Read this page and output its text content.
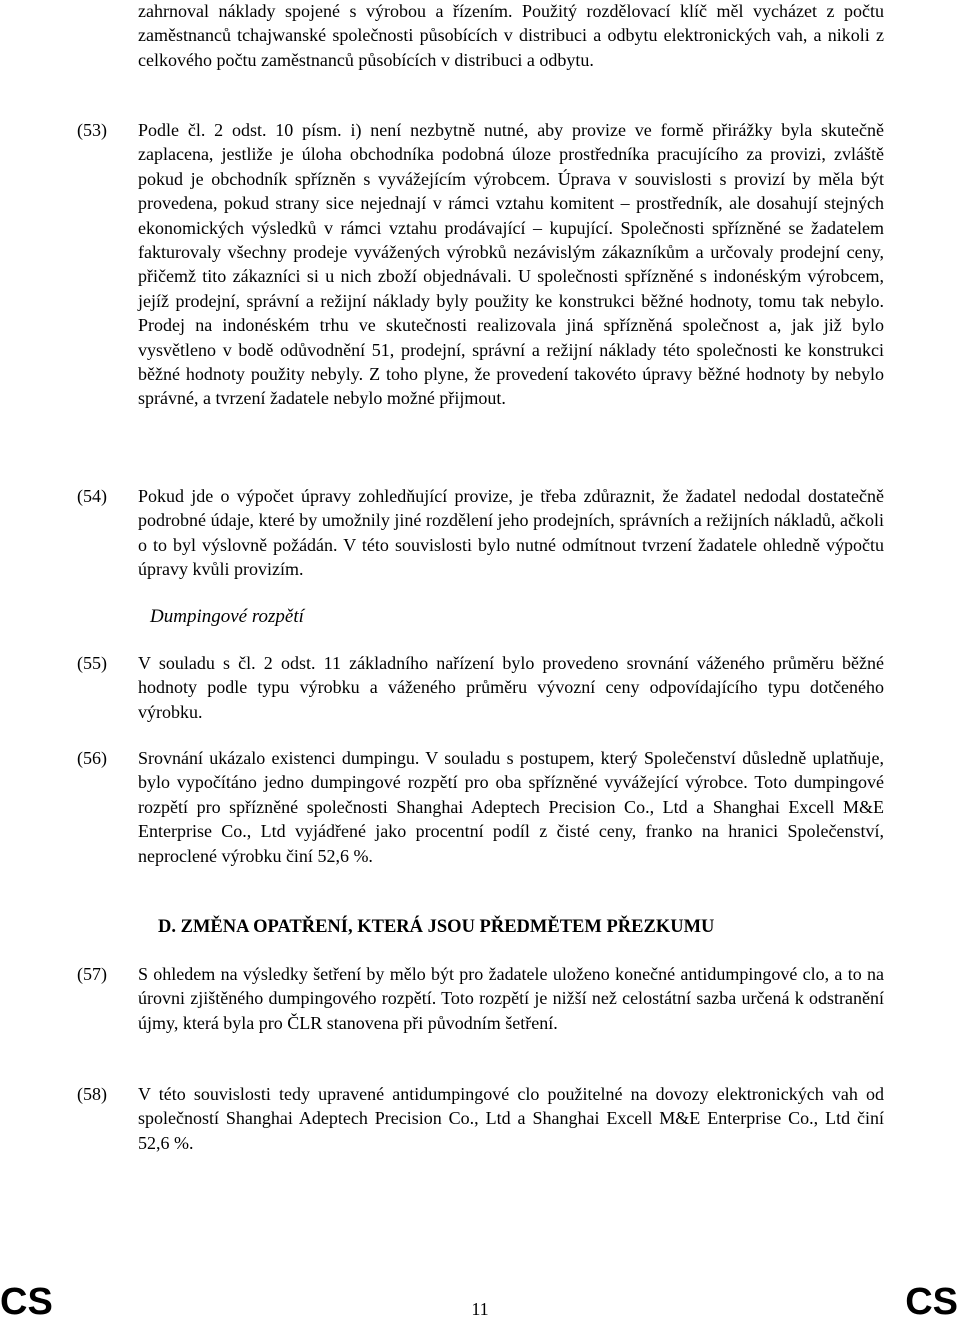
zahrnoval náklady spojené s výrobou a řízením. Použitý rozdělovací klíč měl vycházet z počtu zaměstnanců tchajwanské společnosti působících v distribuci a odbytu elektronických vah, a nikoli z celkového počtu zaměstnanců působících v distribuci a odbytu.
(53) Podle čl. 2 odst. 10 písm. i) není nezbytně nutné, aby provize ve formě přirážky byla skutečně zaplacena, jestliže je úloha obchodníka podobná úloze prostředníka pracujícího za provizi, zvláště pokud je obchodník spřízněn s vyvážejícím výrobcem. Úprava v souvislosti s provizí by měla být provedena, pokud strany sice nejednají v rámci vztahu komitent – prostředník, ale dosahují stejných ekonomických výsledků v rámci vztahu prodávající – kupující. Společnosti spřízněné se žadatelem fakturovaly všechny prodeje vyvážených výrobků nezávislým zákazníkům a určovaly prodejní ceny, přičemž tito zákazníci si u nich zboží objednávali. U společnosti spřízněné s indonéským výrobcem, jejíž prodejní, správní a režijní náklady byly použity ke konstrukci běžné hodnoty, tomu tak nebylo. Prodej na indonéském trhu ve skutečnosti realizovala jiná spřízněná společnost a, jak již bylo vysvětleno v bodě odůvodnění 51, prodejní, správní a režijní náklady této společnosti ke konstrukci běžné hodnoty použity nebyly. Z toho plyne, že provedení takovéto úpravy běžné hodnoty by nebylo správné, a tvrzení žadatele nebylo možné přijmout.
(54) Pokud jde o výpočet úpravy zohledňující provize, je třeba zdůraznit, že žadatel nedodal dostatečně podrobné údaje, které by umožnily jiné rozdělení jeho prodejních, správních a režijních nákladů, ačkoli o to byl výslovně požádán. V této souvislosti bylo nutné odmítnout tvrzení žadatele ohledně výpočtu úpravy kvůli provizím.
Dumpingové rozpětí
(55) V souladu s čl. 2 odst. 11 základního nařízení bylo provedeno srovnání váženého průměru běžné hodnoty podle typu výrobku a váženého průměru vývozní ceny odpovídajícího typu dotčeného výrobku.
(56) Srovnání ukázalo existenci dumpingu. V souladu s postupem, který Společenství důsledně uplatňuje, bylo vypočítáno jedno dumpingové rozpětí pro oba spřízněné vyvážející výrobce. Toto dumpingové rozpětí pro spřízněné společnosti Shanghai Adeptech Precision Co., Ltd a Shanghai Excell M&E Enterprise Co., Ltd vyjádřené jako procentní podíl z čisté ceny, franko na hranici Společenství, neproclené výrobku činí 52,6 %.
D. ZMĚNA OPATŘENÍ, KTERÁ JSOU PŘEDMĚTEM PŘEZKUMU
(57) S ohledem na výsledky šetření by mělo být pro žadatele uloženo konečné antidumpingové clo, a to na úrovni zjištěného dumpingového rozpětí. Toto rozpětí je nižší než celostátní sazba určená k odstranění újmy, která byla pro ČLR stanovena při původním šetření.
(58) V této souvislosti tedy upravené antidumpingové clo použitelné na dovozy elektronických vah od společností Shanghai Adeptech Precision Co., Ltd a Shanghai Excell M&E Enterprise Co., Ltd činí 52,6 %.
CS	11	CS
